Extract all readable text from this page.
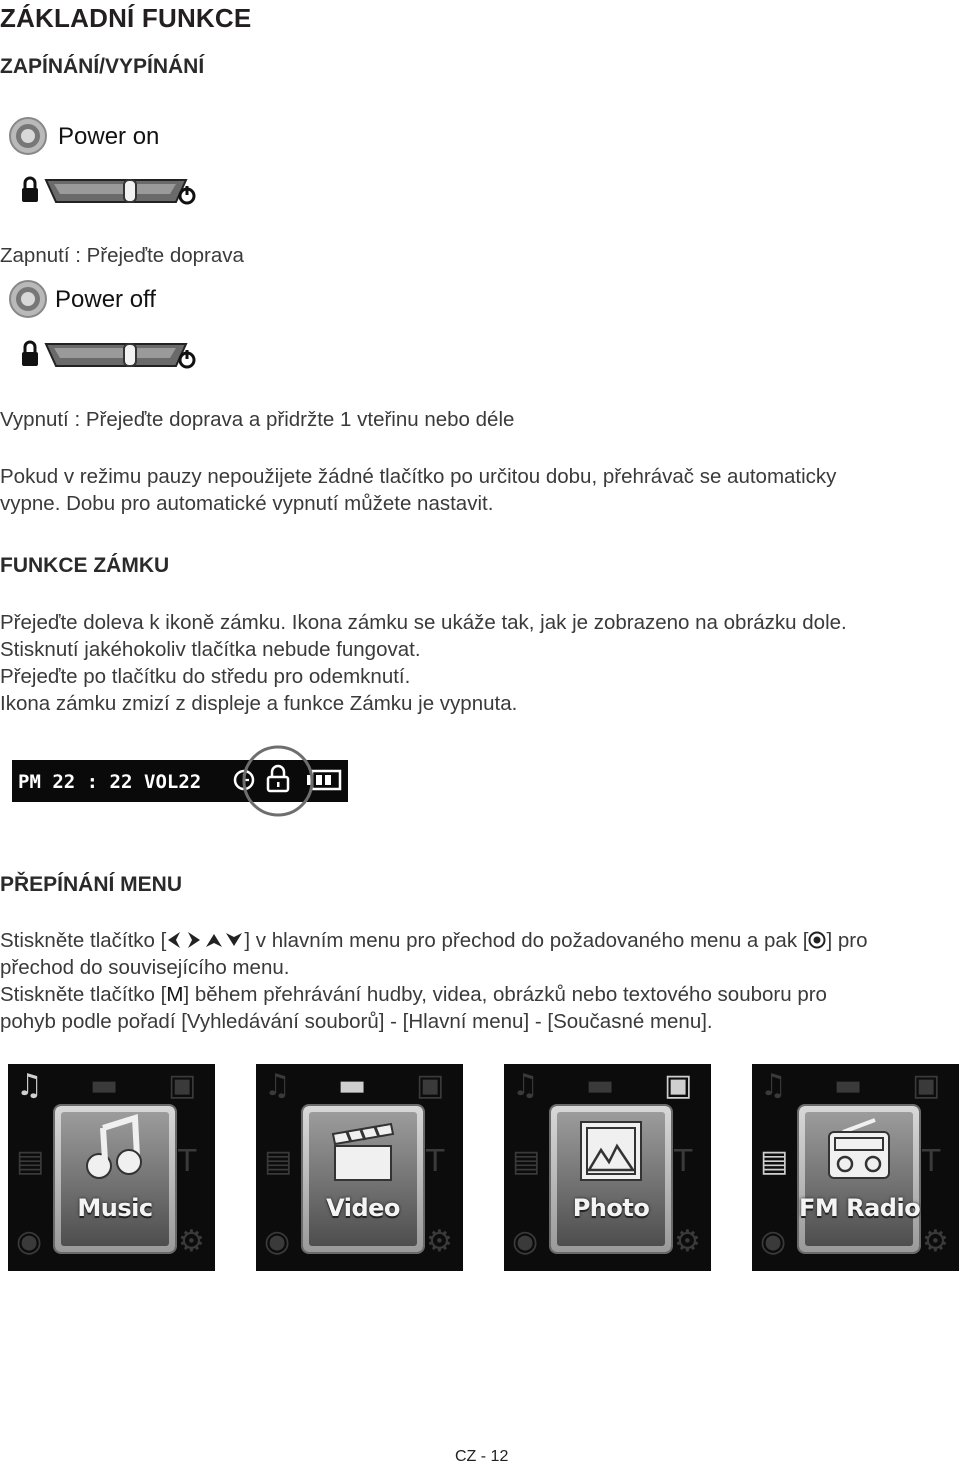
ZÁKLADNÍ FUNKCE
ZAPÍNÁNÍ/VYPÍNÁNÍ
Power on
Zapnutí : Přejeďte doprava
Power off
Vypnutí : Přejeďte doprava a přidržte 1 vteřinu nebo déle
Pokud v režimu pauzy nepoužijete žádné tlačítko po určitou dobu, přehrávač se automaticky
vypne. Dobu pro automatické vypnutí můžete nastavit.
FUNKCE ZÁMKU
Přejeďte doleva k ikoně zámku. Ikona zámku se ukáže tak, jak je zobrazeno na obrázku dole.
Stisknutí jakéhokoliv tlačítka nebude fungovat.
Přejeďte po tlačítku do středu pro odemknutí.
Ikona zámku zmizí z displeje a funkce Zámku je vypnuta.
PM 22 : 22 VOL22
PŘEPÍNÁNÍ MENU
Stiskněte tlačítko [	] v hlavním menu pro přechod do požadovaného menu a pak [ ] pro
přechod do souvisejícího menu.
Stiskněte tlačítko [M] během přehrávání hudby, videa, obrázků nebo textového souboru pro
pohyb podle pořadí [Vyhledávání souborů] - [Hlavní menu] - [Současné menu].
♫ ▬ ▣
▤	T
◉	⚙
Music
♫ ▬ ▣
▤	T
◉	⚙
Video
♫ ▬ ▣
▤	T
◉	⚙
Photo
♫ ▬ ▣
▤	T
◉	⚙
FM Radio
CZ - 12
